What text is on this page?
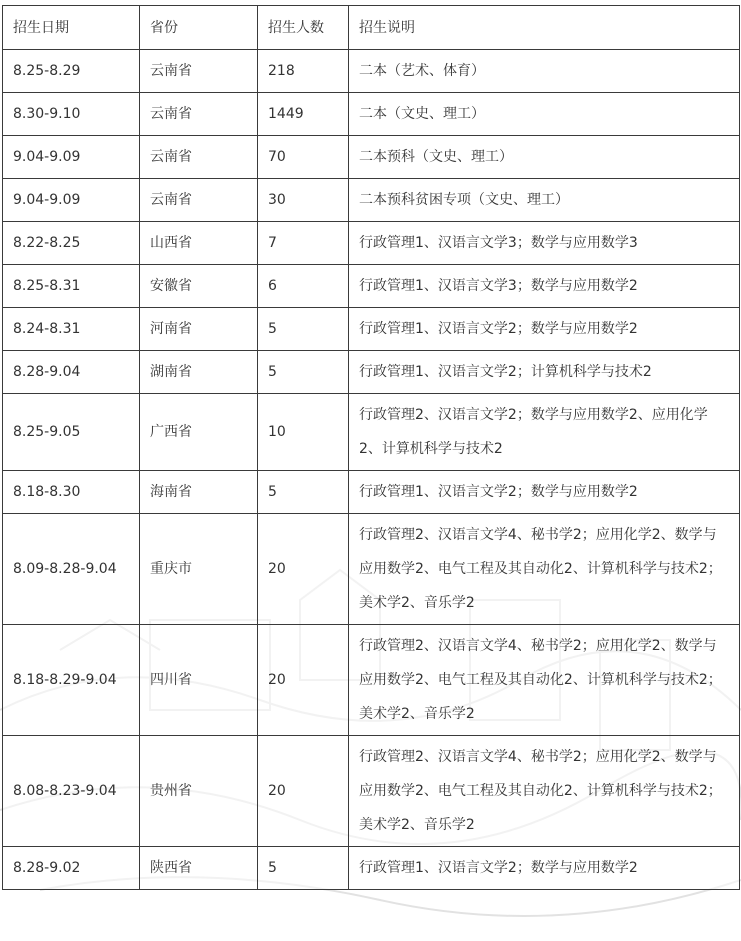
招生日期	省份	招生人数	招生说明
8.25-8.29	云南省	218	二本（艺术、体育）
8.30-9.10	云南省	1449	二本（文史、理工）
9.04-9.09	云南省	70	二本预科（文史、理工）
9.04-9.09	云南省	30	二本预科贫困专项（文史、理工）
8.22-8.25	山西省	7	行政管理1、汉语言文学3；数学与应用数学3
8.25-8.31	安徽省	6	行政管理1、汉语言文学3；数学与应用数学2
8.24-8.31	河南省	5	行政管理1、汉语言文学2；数学与应用数学2
8.28-9.04	湖南省	5	行政管理1、汉语言文学2；计算机科学与技术2
8.25-9.05	广西省	10	行政管理2、汉语言文学2；数学与应用数学2、应用化学2、计算机科学与技术2
8.18-8.30	海南省	5	行政管理1、汉语言文学2；数学与应用数学2
8.09-8.28-9.04	重庆市	20	行政管理2、汉语言文学4、秘书学2；应用化学2、数学与应用数学2、电气工程及其自动化2、计算机科学与技术2；美术学2、音乐学2
8.18-8.29-9.04	四川省	20	行政管理2、汉语言文学4、秘书学2；应用化学2、数学与应用数学2、电气工程及其自动化2、计算机科学与技术2；美术学2、音乐学2
8.08-8.23-9.04	贵州省	20	行政管理2、汉语言文学4、秘书学2；应用化学2、数学与应用数学2、电气工程及其自动化2、计算机科学与技术2；美术学2、音乐学2
8.28-9.02	陕西省	5	行政管理1、汉语言文学2；数学与应用数学2
